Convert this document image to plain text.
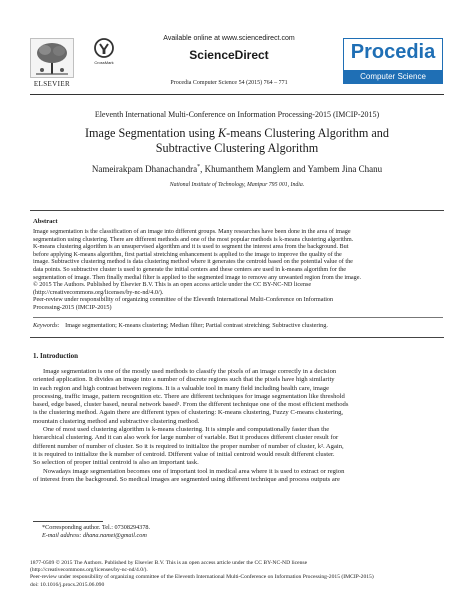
CrossMark
ELSEVIER
Available online at www.sciencedirect.com
ScienceDirect
Procedia Computer Science 54 (2015) 764 – 771
Procedia
Computer Science
Eleventh International Multi-Conference on Information Processing-2015 (IMCIP-2015)
Image Segmentation using K-means Clustering Algorithm and
Subtractive Clustering Algorithm
Nameirakpam Dhanachandra*, Khumanthem Manglem and Yambem Jina Chanu
National Institute of Technology, Manipur 795 001, India.
Abstract
Image segmentation is the classification of an image into different groups. Many researches have been done in the area of image
segmentation using clustering. There are different methods and one of the most popular methods is k-means clustering algorithm.
K-means clustering algorithm is an unsupervised algorithm and it is used to segment the interest area from the background. But
before applying K-means algorithm, first partial stretching enhancement is applied to the image to improve the quality of the
image. Subtractive clustering method is data clustering method where it generates the centroid based on the potential value of the
data points. So subtractive cluster is used to generate the initial centers and these centers are used in k-means algorithm for the
segmentation of image. Then finally medial filter is applied to the segmented image to remove any unwanted region from the image.
© 2015 The Authors. Published by Elsevier B.V. This is an open access article under the CC BY-NC-ND license
(http://creativecommons.org/licenses/by-nc-nd/4.0/).
Peer-review under responsibility of organizing committee of the Eleventh International Multi-Conference on Information
Processing-2015 (IMCIP-2015)
Keywords: Image segmentation; K-means clustering; Median filter; Partial contrast stretching; Subtractive clustering.
1. Introduction
Image segmentation is one of the mostly used methods to classify the pixels of an image correctly in a decision
oriented application. It divides an image into a number of discrete regions such that the pixels have high similarity
in each region and high contrast between regions. It is a valuable tool in many field including health care, image
processing, traffic image, pattern recognition etc. There are different techniques for image segmentation like threshold
based, edge based, cluster based, neural network based¹. From the different technique one of the most efficient methods
is the clustering method. Again there are different types of clustering: K-means clustering, Fuzzy C-means clustering,
mountain clustering method and subtractive clustering method.
One of most used clustering algorithm is k-means clustering. It is simple and computationally faster than the
hierarchical clustering. And it can also work for large number of variable. But it produces different cluster result for
different number of number of cluster. So it is required to initialize the proper number of number of cluster, k². Again,
it is required to initialize the k number of centroid. Different value of initial centroid would result different cluster.
So selection of proper initial centroid is also an important task.
Nowadays image segmentation becomes one of important tool in medical area where it is used to extract or region
of interest from the background. So medical images are segmented using different technique and process outputs are
*Corresponding author. Tel.: 07308294378.
E-mail address: dhana.namei@gmail.com
1877-0509 © 2015 The Authors. Published by Elsevier B.V. This is an open access article under the CC BY-NC-ND license
(http://creativecommons.org/licenses/by-nc-nd/4.0/).
Peer-review under responsibility of organizing committee of the Eleventh International Multi-Conference on Information Processing-2015 (IMCIP-2015)
doi: 10.1016/j.procs.2015.06.090
